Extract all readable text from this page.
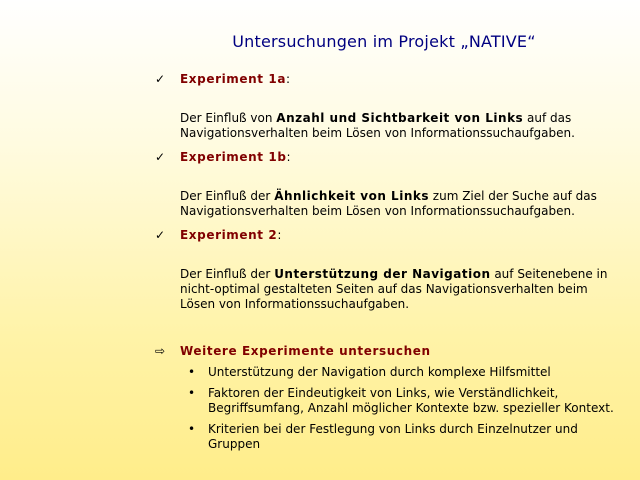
Untersuchungen im Projekt „NATIVE“
✓ Experiment 1a:
Der Einfluß von Anzahl und Sichtbarkeit von Links auf das Navigationsverhalten beim Lösen von Informationssuchaufgaben.
✓ Experiment 1b:
Der Einfluß der Ähnlichkeit von Links zum Ziel der Suche auf das Navigationsverhalten beim Lösen von Informationssuchaufgaben.
✓ Experiment 2:
Der Einfluß der Unterstützung der Navigation auf Seitenebene in nicht-optimal gestalteten Seiten auf das Navigationsverhalten beim Lösen von Informationssuchaufgaben.
⇨ Weitere Experimente untersuchen
• Unterstützung der Navigation durch komplexe Hilfsmittel
• Faktoren der Eindeutigkeit von Links, wie Verständlichkeit, Begriffsumfang, Anzahl möglicher Kontexte bzw. spezieller Kontext.
• Kriterien bei der Festlegung von Links durch Einzelnutzer und Gruppen
